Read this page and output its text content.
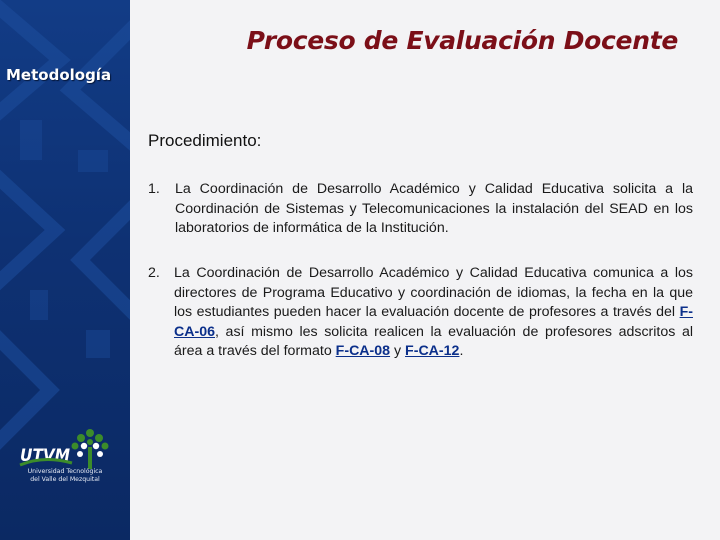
UTVM
Universidad Tecnológica
del Valle del Mezquital
Proceso de Evaluación Docente
Metodología

Procedimiento:

1.	La Coordinación de Desarrollo Académico y Calidad Educativa solicita a la Coordinación de Sistemas y Telecomunicaciones la instalación del SEAD en los laboratorios de informática de la Institución.
2. La Coordinación de Desarrollo Académico y Calidad Educativa comunica a los directores de Programa Educativo y coordinación de idiomas, la fecha en la que los estudiantes pueden hacer la evaluación docente de profesores a través del F-CA-06, así mismo les solicita realicen la evaluación de profesores adscritos al área a través del formato F-CA-08 y F-CA-12.
